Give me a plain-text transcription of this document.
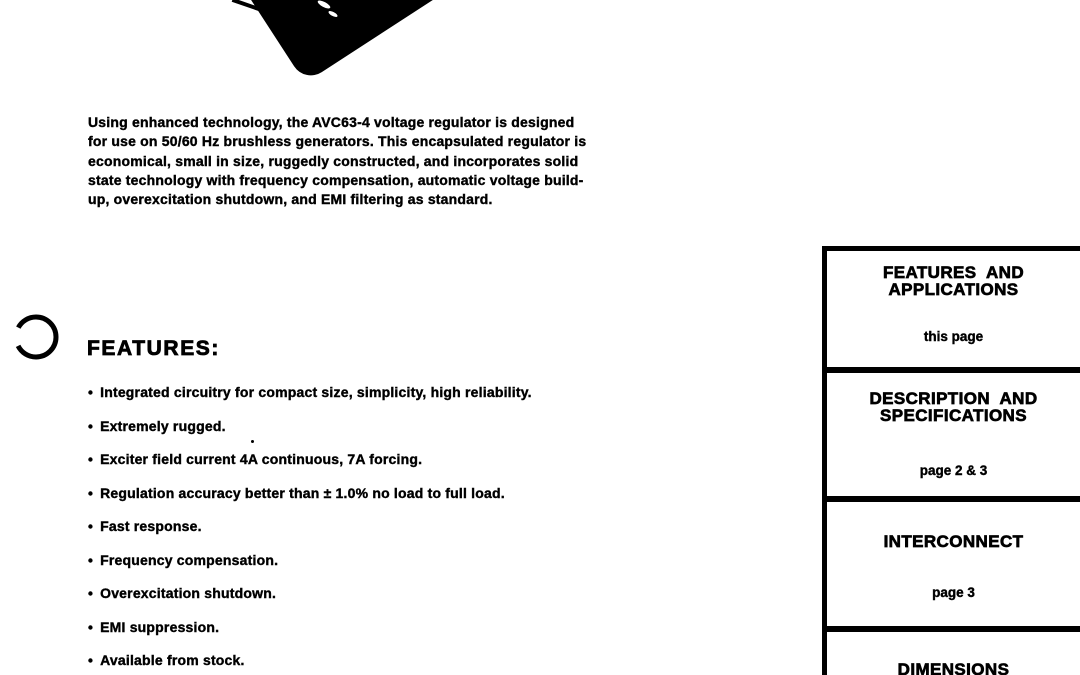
Using enhanced technology, the AVC63-4 voltage regulator is designed
for use on 50/60 Hz brushless generators. This encapsulated regulator is
economical, small in size, ruggedly constructed, and incorporates solid
state technology with frequency compensation, automatic voltage build-
up, overexcitation shutdown, and EMI filtering as standard.
FEATURES:
• Integrated circuitry for compact size, simplicity, high reliability.
• Extremely rugged.
• Exciter field current 4A continuous, 7A forcing.
• Regulation accuracy better than ± 1.0% no load to full load.
• Fast response.
• Frequency compensation.
• Overexcitation shutdown.
• EMI suppression.
• Available from stock.
FEATURES AND
APPLICATIONS
this page
DESCRIPTION AND
SPECIFICATIONS
page 2 & 3
INTERCONNECT
page 3
DIMENSIONS
